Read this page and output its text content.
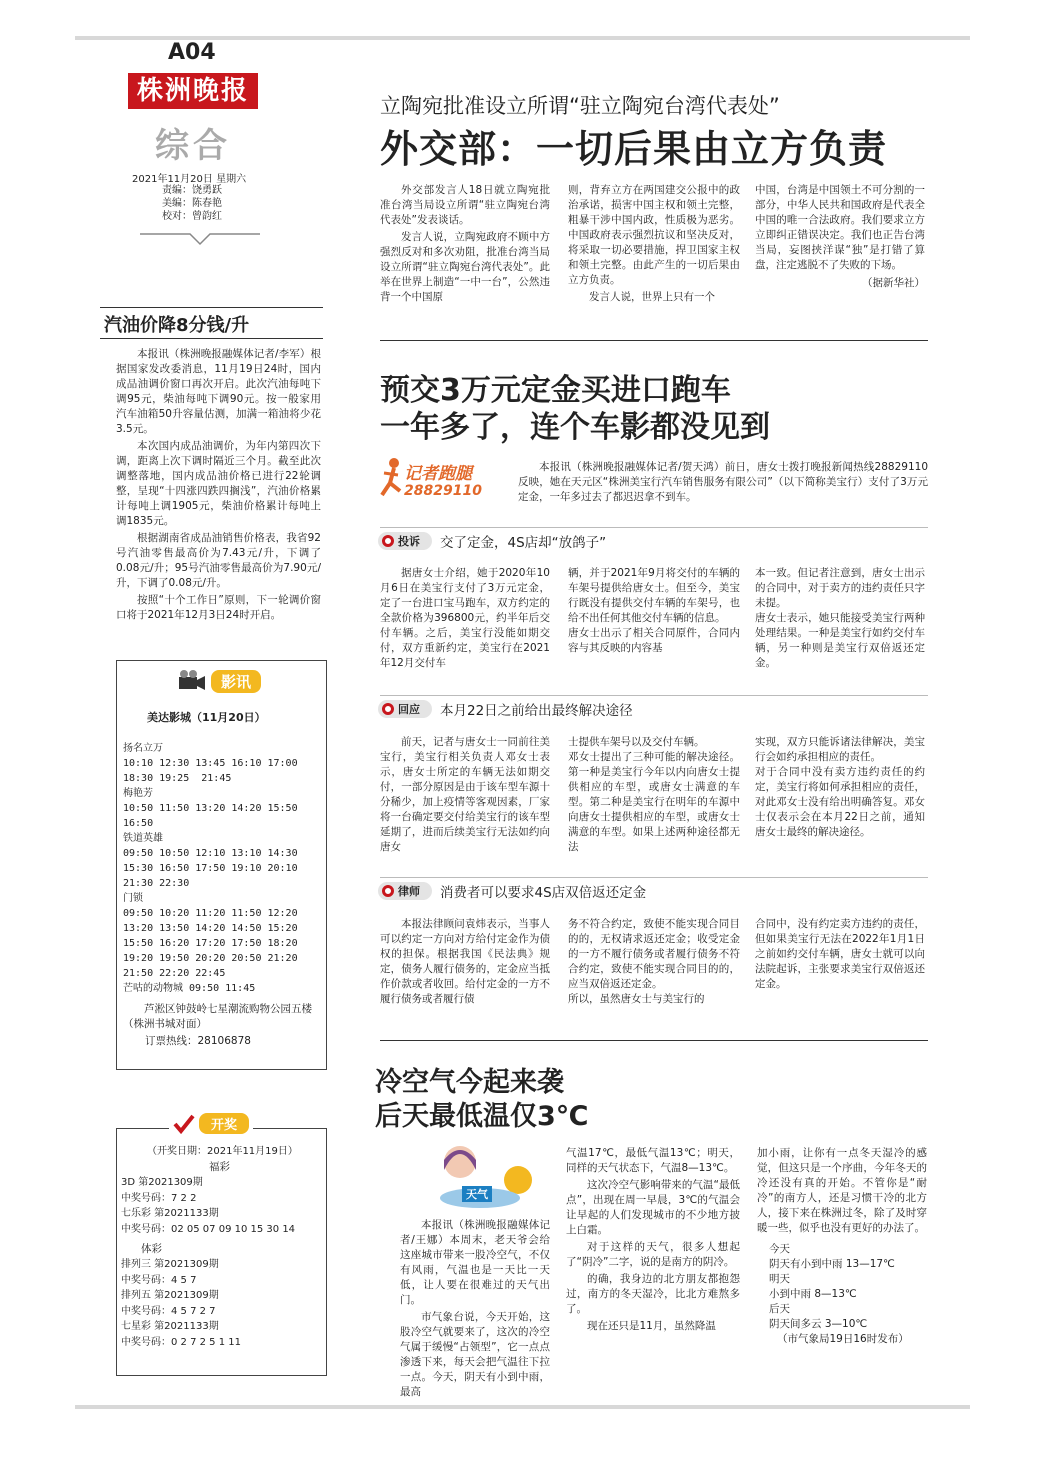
A04
株洲晚报
综合
2021年11月20日 星期六
责编：饶勇跃
美编：陈春艳
校对：曾韵红
立陶宛批准设立所谓“驻立陶宛台湾代表处”
外交部：一切后果由立方负责

外交部发言人18日就立陶宛批准台湾当局设立所谓“驻立陶宛台湾代表处”发表谈话。

发言人说，立陶宛政府不顾中方强烈反对和多次劝阻，批准台湾当局设立所谓“驻立陶宛台湾代表处”。此举在世界上制造“一中一台”，公然违背一个中国原

则，背弃立方在两国建交公报中的政治承诺，损害中国主权和领土完整，粗暴干涉中国内政，性质极为恶劣。中国政府表示强烈抗议和坚决反对，将采取一切必要措施，捍卫国家主权和领土完整。由此产生的一切后果由立方负责。

发言人说，世界上只有一个

中国，台湾是中国领土不可分割的一部分，中华人民共和国政府是代表全中国的唯一合法政府。我们要求立方立即纠正错误决定。我们也正告台湾当局，妄图挟洋谋“独”是打错了算盘，注定逃脱不了失败的下场。

（据新华社）
汽油价降8分钱/升

本报讯（株洲晚报融媒体记者/李军）根据国家发改委消息，11月19日24时，国内成品油调价窗口再次开启。此次汽油每吨下调95元，柴油每吨下调90元。按一般家用汽车油箱50升容量估测，加满一箱油将少花3.5元。

本次国内成品油调价，为年内第四次下调，距离上次下调时隔近三个月。截至此次调整落地，国内成品油价格已进行22轮调整，呈现“十四涨四跌四搁浅”，汽油价格累计每吨上调1905元，柴油价格累计每吨上调1835元。

根据湖南省成品油销售价格表，我省92号汽油零售最高价为7.43元/升，下调了0.08元/升；95号汽油零售最高价为7.90元/升，下调了0.08元/升。

按照“十个工作日”原则，下一轮调价窗口将于2021年12月3日24时开启。

影讯
美达影城（11月20日）
扬名立万
10:10 12:30 13:45 16:10 17:00
18:30 19:25  21:45
梅艳芳
10:50 11:50 13:20 14:20 15:50
16:50
铁道英雄
09:50 10:50 12:10 13:10 14:30
15:30 16:50 17:50 19:10 20:10
21:30 22:30
门锁
09:50 10:20 11:20 11:50 12:20
13:20 13:50 14:20 14:50 15:20
15:50 16:20 17:20 17:50 18:20
19:20 19:50 20:20 20:50 21:20
21:50 22:20 22:45
芒咕的动物城 09:50 11:45
芦淞区钟鼓岭七星潮流购物公园五楼（株洲书城对面）
订票热线：28106878
开奖
（开奖日期：2021年11月19日）
福彩
3D 第2021309期
中奖号码：7 2 2
七乐彩 第2021133期
中奖号码：02 05 07 09 10 15 30 14
体彩
排列三 第2021309期
中奖号码：4 5 7
排列五 第2021309期
中奖号码：4 5 7 2 7
七星彩 第2021133期
中奖号码：0 2 7 2 5 1 11
预交3万元定金买进口跑车
一年多了，连个车影都没见到
记者跑腿
28829110

本报讯（株洲晚报融媒体记者/贺天鸿）前日，唐女士拨打晚报新闻热线28829110反映，她在天元区“株洲美宝行汽车销售服务有限公司”（以下简称美宝行）支付了3万元定金，一年多过去了都迟迟拿不到车。

投诉 交了定金，4S店却“放鸽子”

据唐女士介绍，她于2020年10月6日在美宝行支付了3万元定金，定了一台进口宝马跑车，双方约定的全款价格为396800元，约半年后交付车辆。之后，美宝行没能如期交付，双方重新约定，美宝行在2021年12月交付车

辆，并于2021年9月将交付的车辆的车架号提供给唐女士。但至今，美宝行既没有提供交付车辆的车架号，也给不出任何其他交付车辆的信息。
唐女士出示了相关合同原件，合同内容与其反映的内容基

本一致。但记者注意到，唐女士出示的合同中，对于卖方的违约责任只字未提。
唐女士表示，她只能接受美宝行两种处理结果。一种是美宝行如约交付车辆，另一种则是美宝行双倍返还定金。

回应 本月22日之前给出最终解决途径

前天，记者与唐女士一同前往美宝行，美宝行相关负责人邓女士表示，唐女士所定的车辆无法如期交付，一部分原因是由于该车型车源十分稀少，加上疫情等客观因素，厂家将一台确定要交付给美宝行的该车型延期了，进而后续美宝行无法如约向唐女

士提供车架号以及交付车辆。
邓女士提出了三种可能的解决途径。第一种是美宝行今年以内向唐女士提供相应的车型，或唐女士满意的车型。第二种是美宝行在明年的车源中向唐女士提供相应的车型，或唐女士满意的车型。如果上述两种途径都无法

实现，双方只能诉诸法律解决，美宝行会如约承担相应的责任。
对于合同中没有卖方违约责任的约定，美宝行将如何承担相应的责任，对此邓女士没有给出明确答复。邓女士仅表示会在本月22日之前，通知唐女士最终的解决途径。

律师 消费者可以要求4S店双倍返还定金

本报法律顾问袁炜表示，当事人可以约定一方向对方给付定金作为债权的担保。根据我国《民法典》规定，债务人履行债务的，定金应当抵作价款或者收回。给付定金的一方不履行债务或者履行债

务不符合约定，致使不能实现合同目的的，无权请求返还定金；收受定金的一方不履行债务或者履行债务不符合约定，致使不能实现合同目的的，应当双倍返还定金。
所以，虽然唐女士与美宝行的

合同中，没有约定卖方违约的责任，但如果美宝行无法在2022年1月1日之前如约交付车辆，唐女士就可以向法院起诉，主张要求美宝行双倍返还定金。

冷空气今起来袭
后天最低温仅3℃
天气

本报讯（株洲晚报融媒体记者/王娜）本周末，老天爷会给这座城市带来一股冷空气，不仅有风雨，气温也是一天比一天低，让人要在很难过的天气出门。

市气象台说，今天开始，这股冷空气就要来了，这次的冷空气属于缓慢“占领型”，它一点点渗透下来，每天会把气温往下拉一点。今天，阴天有小到中雨，最高

气温17℃，最低气温13℃；明天，同样的天气状态下，气温8—13℃。

这次冷空气影响带来的气温“最低点”，出现在周一早晨，3℃的气温会让早起的人们发现城市的不少地方披上白霜。

对于这样的天气，很多人想起了“阴冷”二字，说的是南方的阴冷。

的确，我身边的北方朋友都抱怨过，南方的冬天湿冷，比北方难熬多了。

现在还只是11月，虽然降温

加小雨，让你有一点冬天湿冷的感觉，但这只是一个序曲，今年冬天的冷还没有真的开始。不管你是“耐冷”的南方人，还是习惯干冷的北方人，接下来在株洲过冬，除了及时穿暖一些，似乎也没有更好的办法了。

今天
阴天有小到中雨 13—17℃
明天
小到中雨 8—13℃
后天
阴天间多云 3—10℃
（市气象局19日16时发布）
